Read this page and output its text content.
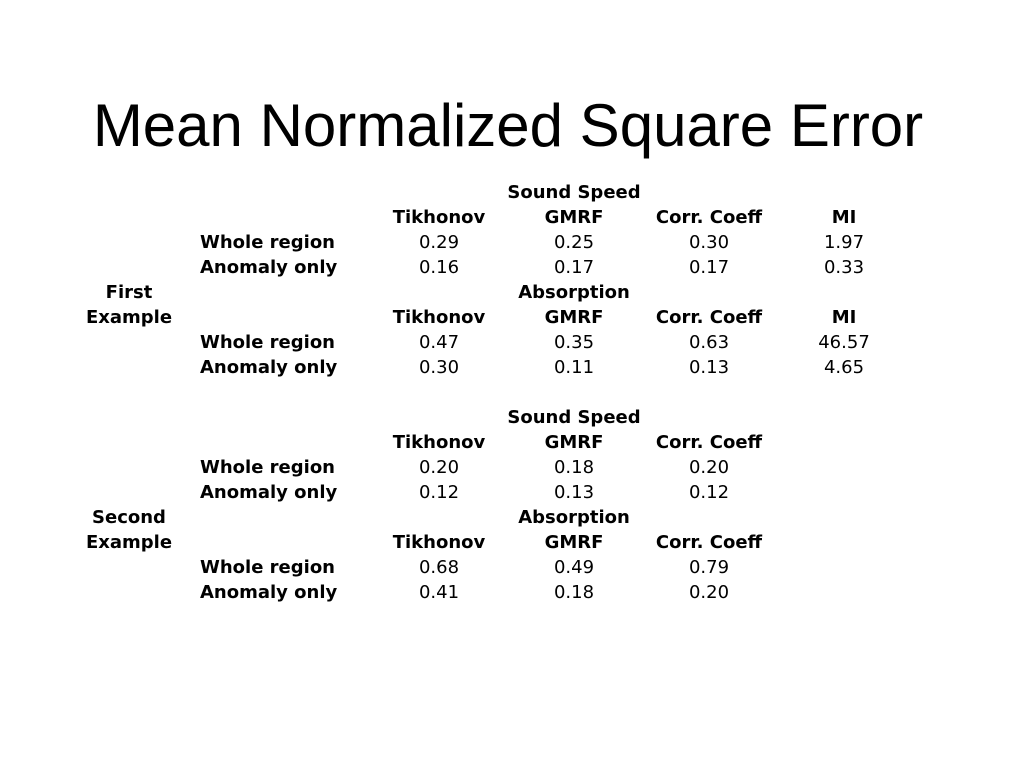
Mean Normalized Square Error
		Sound Speed			
		Tikhonov	GMRF	Corr. Coeff	MI
	Whole region	0.29	0.25	0.30	1.97
	Anomaly only	0.16	0.17	0.17	0.33
First		Absorption			
Example		Tikhonov	GMRF	Corr. Coeff	MI
	Whole region	0.47	0.35	0.63	46.57
	Anomaly only	0.30	0.11	0.13	4.65

		Sound Speed			
		Tikhonov	GMRF	Corr. Coeff	
	Whole region	0.20	0.18	0.20	
	Anomaly only	0.12	0.13	0.12	
Second		Absorption			
Example		Tikhonov	GMRF	Corr. Coeff	
	Whole region	0.68	0.49	0.79	
	Anomaly only	0.41	0.18	0.20	
